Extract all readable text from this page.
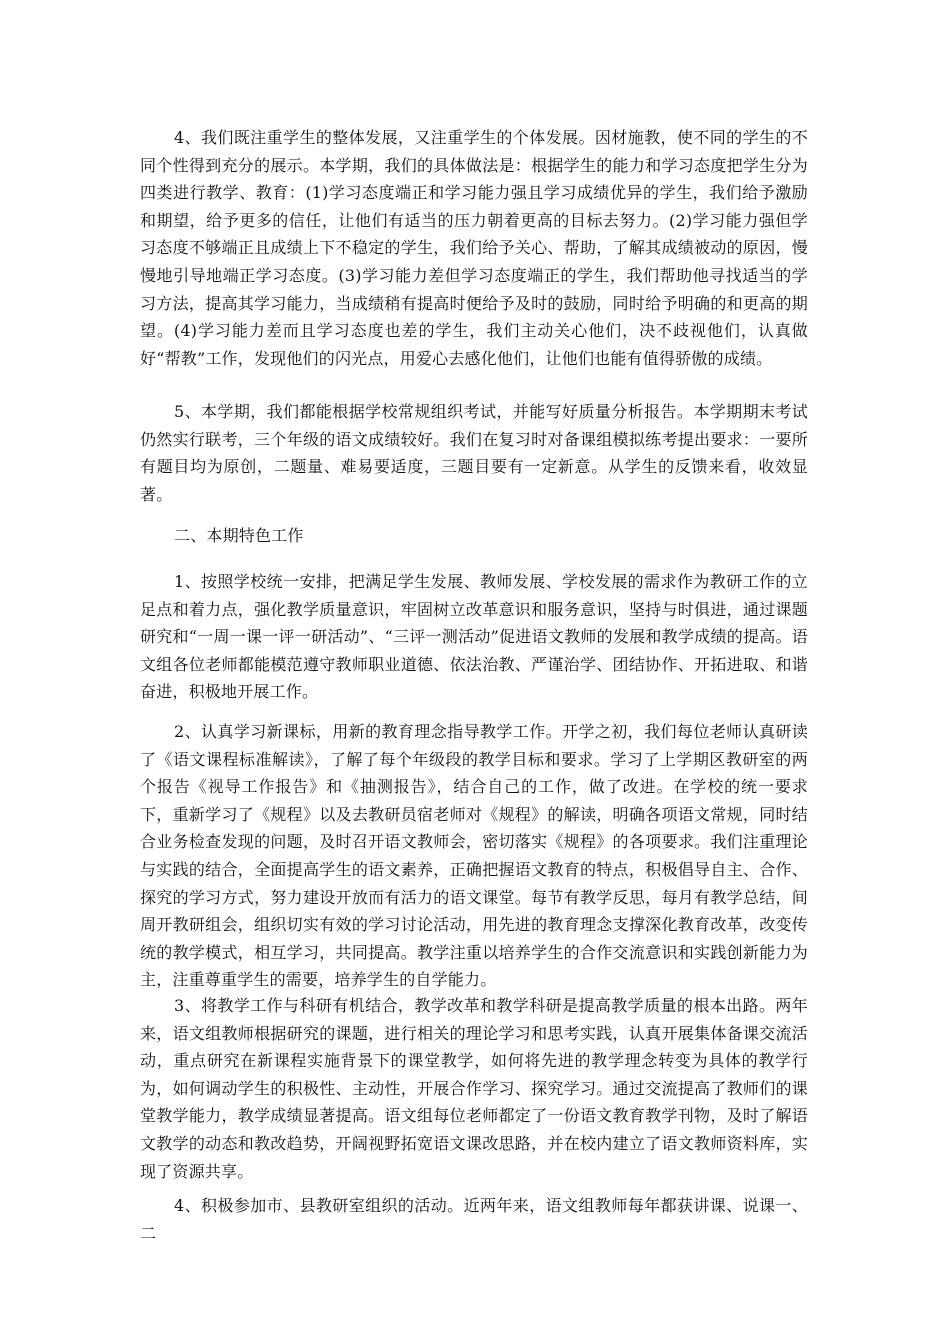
4、我们既注重学生的整体发展，又注重学生的个体发展。因材施教，使不同的学生的不同个性得到充分的展示。本学期，我们的具体做法是：根据学生的能力和学习态度把学生分为四类进行教学、教育：(1)学习态度端正和学习能力强且学习成绩优异的学生，我们给予激励和期望，给予更多的信任，让他们有适当的压力朝着更高的目标去努力。(2)学习能力强但学习态度不够端正且成绩上下不稳定的学生，我们给予关心、帮助，了解其成绩被动的原因，慢慢地引导地端正学习态度。(3)学习能力差但学习态度端正的学生，我们帮助他寻找适当的学习方法，提高其学习能力，当成绩稍有提高时便给予及时的鼓励，同时给予明确的和更高的期望。(4)学习能力差而且学习态度也差的学生，我们主动关心他们，决不歧视他们，认真做好“帮教”工作，发现他们的闪光点，用爱心去感化他们，让他们也能有值得骄傲的成绩。

5、本学期，我们都能根据学校常规组织考试，并能写好质量分析报告。本学期期末考试仍然实行联考，三个年级的语文成绩较好。我们在复习时对备课组模拟练考提出要求：一要所有题目均为原创，二题量、难易要适度，三题目要有一定新意。从学生的反馈来看，收效显著。

二、本期特色工作

1、按照学校统一安排，把满足学生发展、教师发展、学校发展的需求作为教研工作的立足点和着力点，强化教学质量意识，牢固树立改革意识和服务意识，坚持与时俱进，通过课题研究和“一周一课一评一研活动”、“三评一测活动”促进语文教师的发展和教学成绩的提高。语文组各位老师都能模范遵守教师职业道德、依法治教、严谨治学、团结协作、开拓进取、和谐奋进，积极地开展工作。

2、认真学习新课标，用新的教育理念指导教学工作。开学之初，我们每位老师认真研读了《语文课程标准解读》，了解了每个年级段的教学目标和要求。学习了上学期区教研室的两个报告《视导工作报告》和《抽测报告》，结合自己的工作，做了改进。在学校的统一要求下，重新学习了《规程》以及去教研员宿老师对《规程》的解读，明确各项语文常规，同时结合业务检查发现的问题，及时召开语文教师会，密切落实《规程》的各项要求。我们注重理论与实践的结合，全面提高学生的语文素养，正确把握语文教育的特点，积极倡导自主、合作、探究的学习方式，努力建设开放而有活力的语文课堂。每节有教学反思，每月有教学总结，间周开教研组会，组织切实有效的学习讨论活动，用先进的教育理念支撑深化教育改革，改变传统的教学模式，相互学习，共同提高。教学注重以培养学生的合作交流意识和实践创新能力为主，注重尊重学生的需要，培养学生的自学能力。

3、将教学工作与科研有机结合，教学改革和教学科研是提高教学质量的根本出路。两年来，语文组教师根据研究的课题，进行相关的理论学习和思考实践，认真开展集体备课交流活动，重点研究在新课程实施背景下的课堂教学，如何将先进的教学理念转变为具体的教学行为，如何调动学生的积极性、主动性，开展合作学习、探究学习。通过交流提高了教师们的课堂教学能力，教学成绩显著提高。语文组每位老师都定了一份语文教育教学刊物，及时了解语文教学的动态和教改趋势，开阔视野拓宽语文课改思路，并在校内建立了语文教师资料库，实现了资源共享。

4、积极参加市、县教研室组织的活动。近两年来，语文组教师每年都获讲课、说课一、二
